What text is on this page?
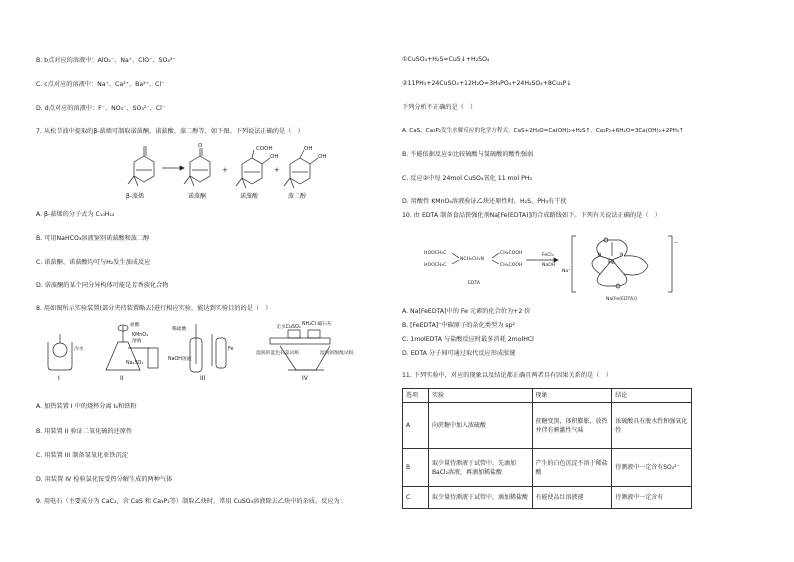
B. b点对应的溶液中：AlO₂⁻、Na⁺、ClO⁻、SO₄²⁻
C. c点对应的溶液中：Na⁺、Ca²⁺、Ba²⁺、Cl⁻
D. d点对应的溶液中：F⁻、NO₃⁻、SO₃²⁻、Cl⁻
7. 从松节油中提取的β-蒎烯可制取诺蒎酮、诺蒎酸、蒎二醇等，如下图。下列说法正确的是（　）
O	COOH
OH
OH
OH
+	+
β-蒎烯	诺蒎酮	诺蒎酸	蒎二醇
A. β-蒎烯的分子式为 C₁₀H₁₄
B. 可用NaHCO₃溶液鉴别诺蒎酸和蒎二醇
C. 诺蒎酮、诺蒎酸均可与H₂发生加成反应
D. 诺蒎酮的某个同分异构体可能是芳香族化合物
8. 用如图所示实验装置(部分夹持装置略去)进行相应实验，能达到实验目的的是（　）
冷水
盐酸
KMnO₄
溶液
Na₂SO₃
稀硫酸
NaOH溶液
Fe
无水CuSO₄
NH₄Cl 碱石灰
湿润的蓝色石蕊试纸	湿润的酚酞试纸
I	II	III	IV
A. 加热装置 I 中的烧杯分离 I₂和铁粉
B. 用装置 II 验证二氧化硫的还原性
C. 用装置 III 制备氢氧化亚铁沉淀
D. 用装置 IV 检验氯化铵受热分解生成的两种气体
9. 用电石（主要成分为 CaC₂，含 CaS 和 Ca₃P₂等）制取乙炔时，常用 CuSO₄溶液除去乙炔中的杂质。反应为：
①CuSO₄+H₂S=CuS↓+H₂SO₄
②11PH₃+24CuSO₄+12H₂O=3H₃PO₄+24H₂SO₄+8Cu₃P↓
下列分析不正确的是（　）
A. CaS、Ca₃P₂发生水解反应的化学方程式：CaS+2H₂O=Ca(OH)₂+H₂S↑、Ca₃P₂+6H₂O=3Ca(OH)₂+2PH₃↑
B. 不能依据反应①比较硫酸与氢硫酸的酸性强弱
C. 反应②中每 24mol CuSO₄氧化 11 mol PH₃
D. 用酸性 KMnO₄溶液验证乙炔还原性时，H₂S、PH₃有干扰
10. 由 EDTA 制备食品铁强化剂Na[Fe(EDTA)]的合成路线如下。下列有关说法正确的是（　）
HOOCH₂C
HOOCH₂C
NCH₂CH₂N
CH₂COOH
CH₂COOH
EDTA
FeCl₃
NaOH
Na⁺
Fe
N	N
—
Na[Fe(EDTA)]
A. Na[FeEDTA]中的 Fe 元素的化合价为+2 价
B. [FeEDTA]⁻中碳原子的杂化类型为 sp²
C. 1molEDTA 与盐酸反应时最多消耗 2molHCl
D. EDTA 分子间可通过取代反应形成肽键
11. 下列实验中，对应的现象以及结论都正确且两者具有因果关系的是（　）
选项	实验	现象	结论
A	向蔗糖中加入浓硫酸	蔗糖变黑，体积膨胀，放热并伴有刺激性气味	浓硫酸具有脱水性和强氧化性
B	取少量待测液于试管中，先滴加BaCl₂溶液，再滴加稀盐酸	产生的白色沉淀不溶于稀盐酸	待测液中一定含有SO₄²⁻
C	取少量待测液于试管中，滴加稀盐酸	有能使品红溶液褪	待测液中一定含有
